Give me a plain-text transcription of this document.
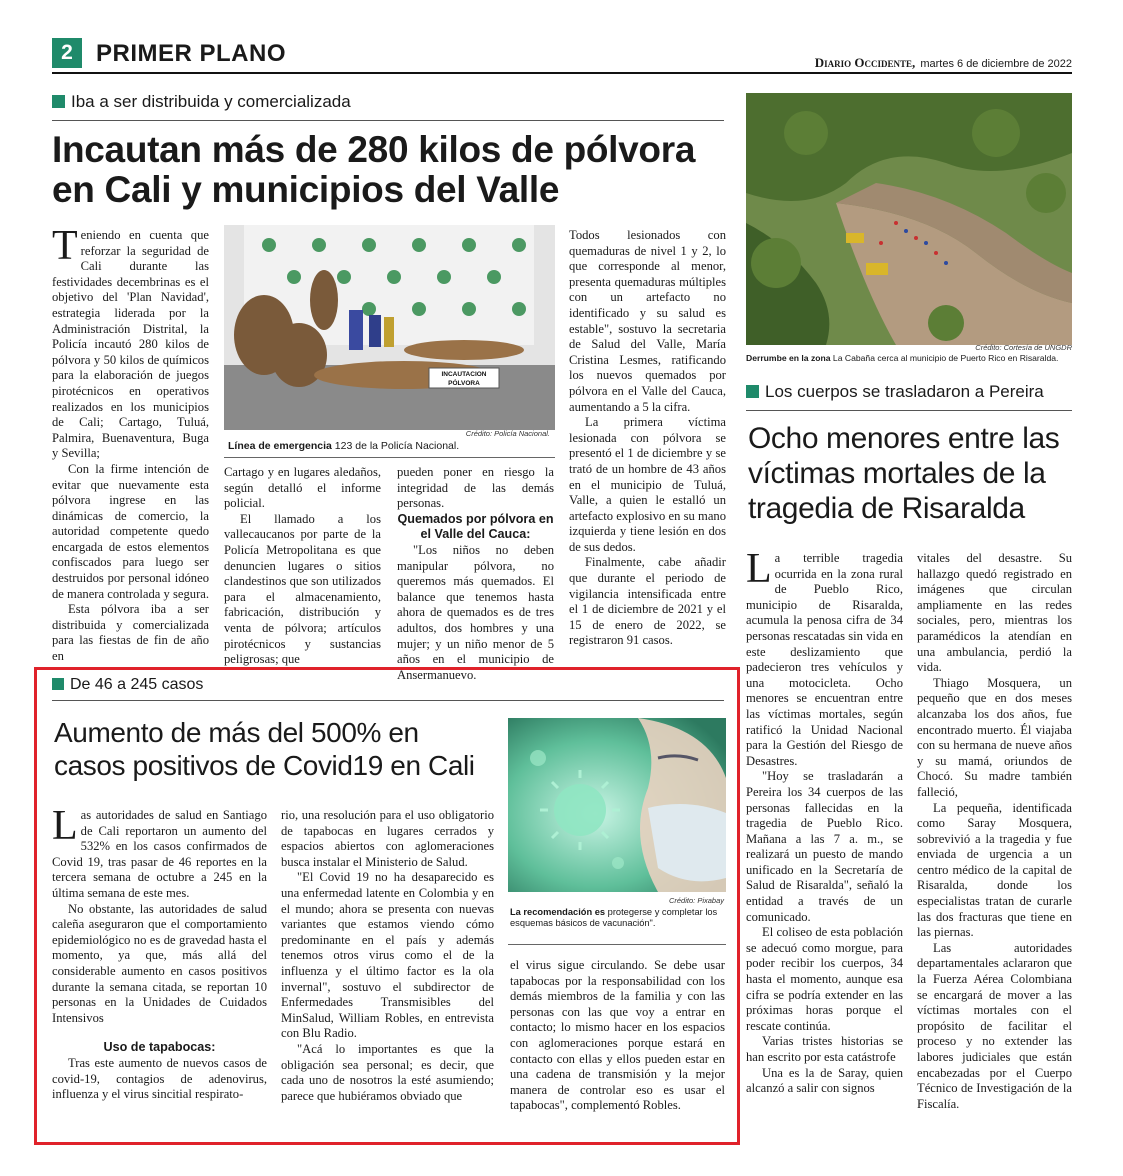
2 PRIMER PLANO	Diario Occidente, martes 6 de diciembre de 2022
Iba a ser distribuida y comercializada
Incautan más de 280 kilos de pólvora en Cali y municipios del Valle

Teniendo en cuenta que reforzar la seguridad de Cali durante las festividades decembrinas es el objetivo del 'Plan Navidad', estrategia liderada por la Administración Distrital, la Policía incautó 280 kilos de pólvora y 50 kilos de químicos para la elaboración de juegos pirotécnicos en operativos realizados en los municipios de Cali; Cartago, Tuluá, Palmira, Buenaventura, Buga y Sevilla;

Con la firme intención de evitar que nuevamente esta pólvora ingrese en las dinámicas de comercio, la autoridad competente quedo encargada de estos elementos confiscados para luego ser destruidos por personal idóneo de manera controlada y segura.

Esta pólvora iba a ser distribuida y comercializada para las fiestas de fin de año en

INCAUTACION
PÓLVORA
Crédito: Policía Nacional.
Línea de emergencia 123 de la Policía Nacional.

Cartago y en lugares aledaños, según detalló el informe policial.

El llamado a los vallecaucanos por parte de la Policía Metropolitana es que denuncien lugares o sitios clandestinos que son utilizados para el almacenamiento, fabricación, distribución y venta de pólvora; artículos pirotécnicos y sustancias peligrosas; que

pueden poner en riesgo la integridad de las demás personas.

Quemados por pólvora en el Valle del Cauca:

"Los niños no deben manipular pólvora, no queremos más quemados. El balance que tenemos hasta ahora de quemados es de tres adultos, dos hombres y una mujer; y un niño menor de 5 años en el municipio de Ansermanuevo.

Todos lesionados con quemaduras de nivel 1 y 2, lo que corresponde al menor, presenta quemaduras múltiples con un artefacto no identificado y su salud es estable", sostuvo la secretaria de Salud del Valle, María Cristina Lesmes, ratificando los nuevos quemados por pólvora en el Valle del Cauca, aumentando a 5 la cifra.

La primera víctima lesionada con pólvora se presentó el 1 de diciembre y se trató de un hombre de 43 años en el municipio de Tuluá, Valle, a quien le estalló un artefacto explosivo en su mano izquierda y tiene lesión en dos de sus dedos.

Finalmente, cabe añadir que durante el periodo de vigilancia intensificada entre el 1 de diciembre de 2021 y el 15 de enero de 2022, se registraron 91 casos.

Crédito: Cortesía de UNGDR
Derrumbe en la zona La Cabaña cerca al municipio de Puerto Rico en Risaralda.
Los cuerpos se trasladaron a Pereira
Ocho menores entre las víctimas mortales de la tragedia de Risaralda

La terrible tragedia ocurrida en la zona rural de Pueblo Rico, municipio de Risaralda, acumula la penosa cifra de 34 personas rescatadas sin vida en este deslizamiento que padecieron tres vehículos y una motocicleta. Ocho menores se encuentran entre las víctimas mortales, según ratificó la Unidad Nacional para la Gestión del Riesgo de Desastres.

"Hoy se trasladarán a Pereira los 34 cuerpos de las personas fallecidas en la tragedia de Pueblo Rico. Mañana a las 7 a. m., se realizará un puesto de mando unificado en la Secretaría de Salud de Risaralda", señaló la entidad a través de un comunicado.

El coliseo de esta población se adecuó como morgue, para poder recibir los cuerpos, 34 hasta el momento, aunque esa cifra se podría extender en las próximas horas porque el rescate continúa.

Varias tristes historias se han escrito por esta catástrofe

Una es la de Saray, quien alcanzó a salir con signos

vitales del desastre. Su hallazgo quedó registrado en imágenes que circulan ampliamente en las redes sociales, pero, mientras los paramédicos la atendían en una ambulancia, perdió la vida.

Thiago Mosquera, un pequeño que en dos meses alcanzaba los dos años, fue encontrado muerto. Él viajaba con su hermana de nueve años y su mamá, oriundos de Chocó. Su madre también falleció,

La pequeña, identificada como Saray Mosquera, sobrevivió a la tragedia y fue enviada de urgencia a un centro médico de la capital de Risaralda, donde los especialistas tratan de curarle las dos fracturas que tiene en las piernas.

Las autoridades departamentales aclararon que la Fuerza Aérea Colombiana se encargará de mover a las víctimas mortales con el propósito de facilitar el proceso y no extender las labores judiciales que están encabezadas por el Cuerpo Técnico de Investigación de la Fiscalía.

De 46 a 245 casos
Aumento de más del 500% en casos positivos de Covid19 en Cali
Crédito: Pixabay
La recomendación es protegerse y completar los esquemas básicos de vacunación".

Las autoridades de salud en Santiago de Cali reportaron un aumento del 532% en los casos confirmados de Covid 19, tras pasar de 46 reportes en la tercera semana de octubre a 245 en la última semana de este mes.

No obstante, las autoridades de salud caleña aseguraron que el comportamiento epidemiológico no es de gravedad hasta el momento, ya que, más allá del considerable aumento en casos positivos durante la semana citada, se reportan 10 personas en la Unidades de Cuidados Intensivos

Uso de tapabocas:

Tras este aumento de nuevos casos de covid-19, contagios de adenovirus, influenza y el virus sincitial respirato-

rio, una resolución para el uso obligatorio de tapabocas en lugares cerrados y espacios abiertos con aglomeraciones busca instalar el Ministerio de Salud.

"El Covid 19 no ha desaparecido es una enfermedad latente en Colombia y en el mundo; ahora se presenta con nuevas variantes que estamos viendo cómo predominante en el país y además tenemos otros virus como el de la influenza y el último factor es la ola invernal", sostuvo el subdirector de Enfermedades Transmisibles del MinSalud, William Robles, en entrevista con Blu Radio.

"Acá lo importantes es que la obligación sea personal; es decir, que cada uno de nosotros la esté asumiendo; parece que hubiéramos obviado que

el virus sigue circulando. Se debe usar tapabocas por la responsabilidad con los demás miembros de la familia y con las personas con las que voy a entrar en contacto; lo mismo hacer en los espacios con aglomeraciones porque estará en contacto con ellas y ellos pueden estar en una cadena de transmisión y la mejor manera de controlar eso es usar el tapabocas", complementó Robles.
